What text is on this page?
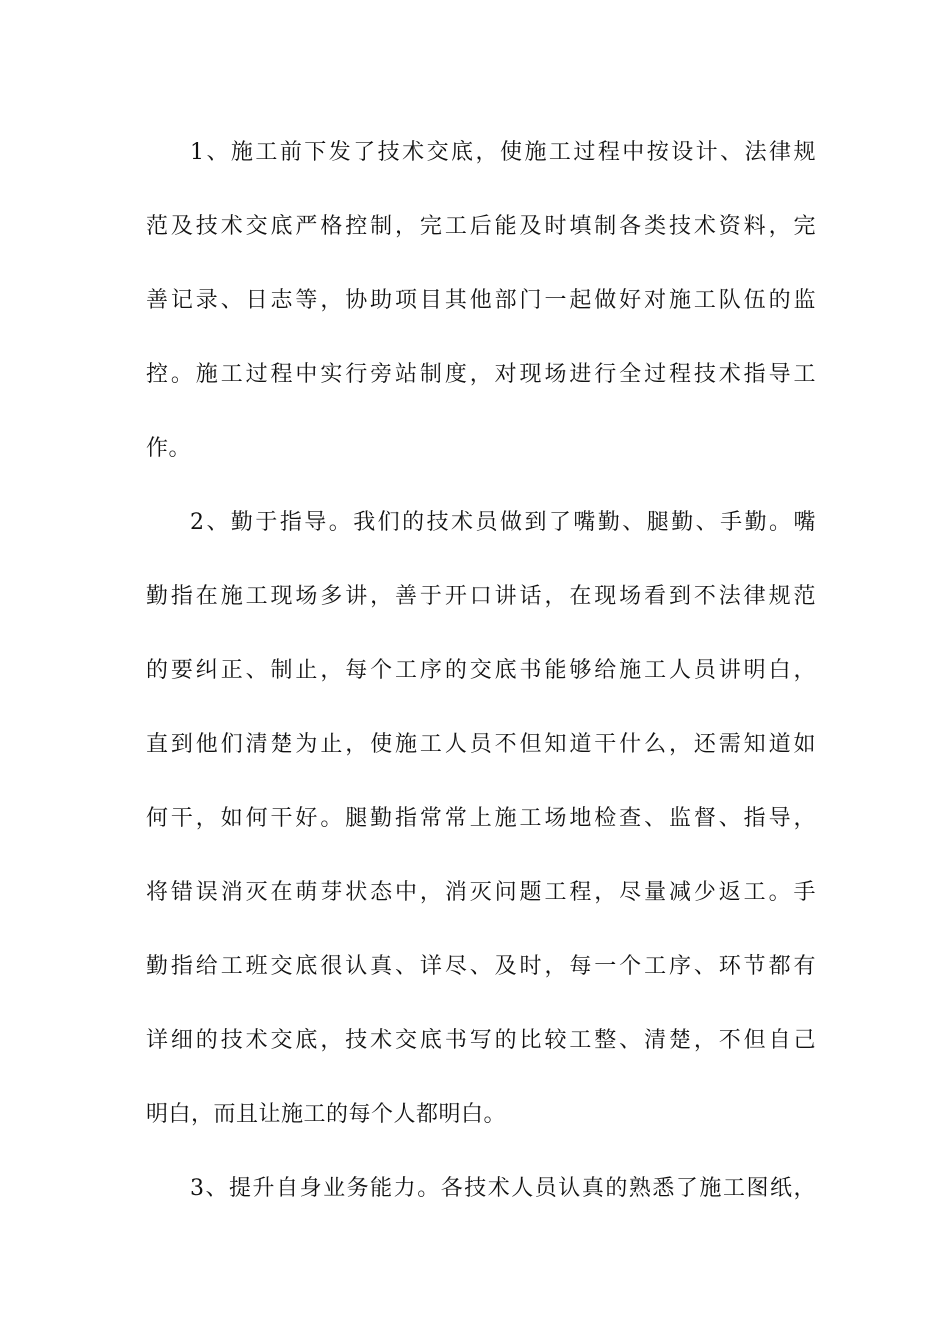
1、施工前下发了技术交底，使施工过程中按设计、法律规
范及技术交底严格控制，完工后能及时填制各类技术资料，完
善记录、日志等，协助项目其他部门一起做好对施工队伍的监
控。施工过程中实行旁站制度，对现场进行全过程技术指导工
作。
2、勤于指导。我们的技术员做到了嘴勤、腿勤、手勤。嘴
勤指在施工现场多讲，善于开口讲话，在现场看到不法律规范
的要纠正、制止，每个工序的交底书能够给施工人员讲明白，
直到他们清楚为止，使施工人员不但知道干什么，还需知道如
何干，如何干好。腿勤指常常上施工场地检查、监督、指导，
将错误消灭在萌芽状态中，消灭问题工程，尽量减少返工。手
勤指给工班交底很认真、详尽、及时，每一个工序、环节都有
详细的技术交底，技术交底书写的比较工整、清楚，不但自己
明白，而且让施工的每个人都明白。
3、提升自身业务能力。各技术人员认真的熟悉了施工图纸，
